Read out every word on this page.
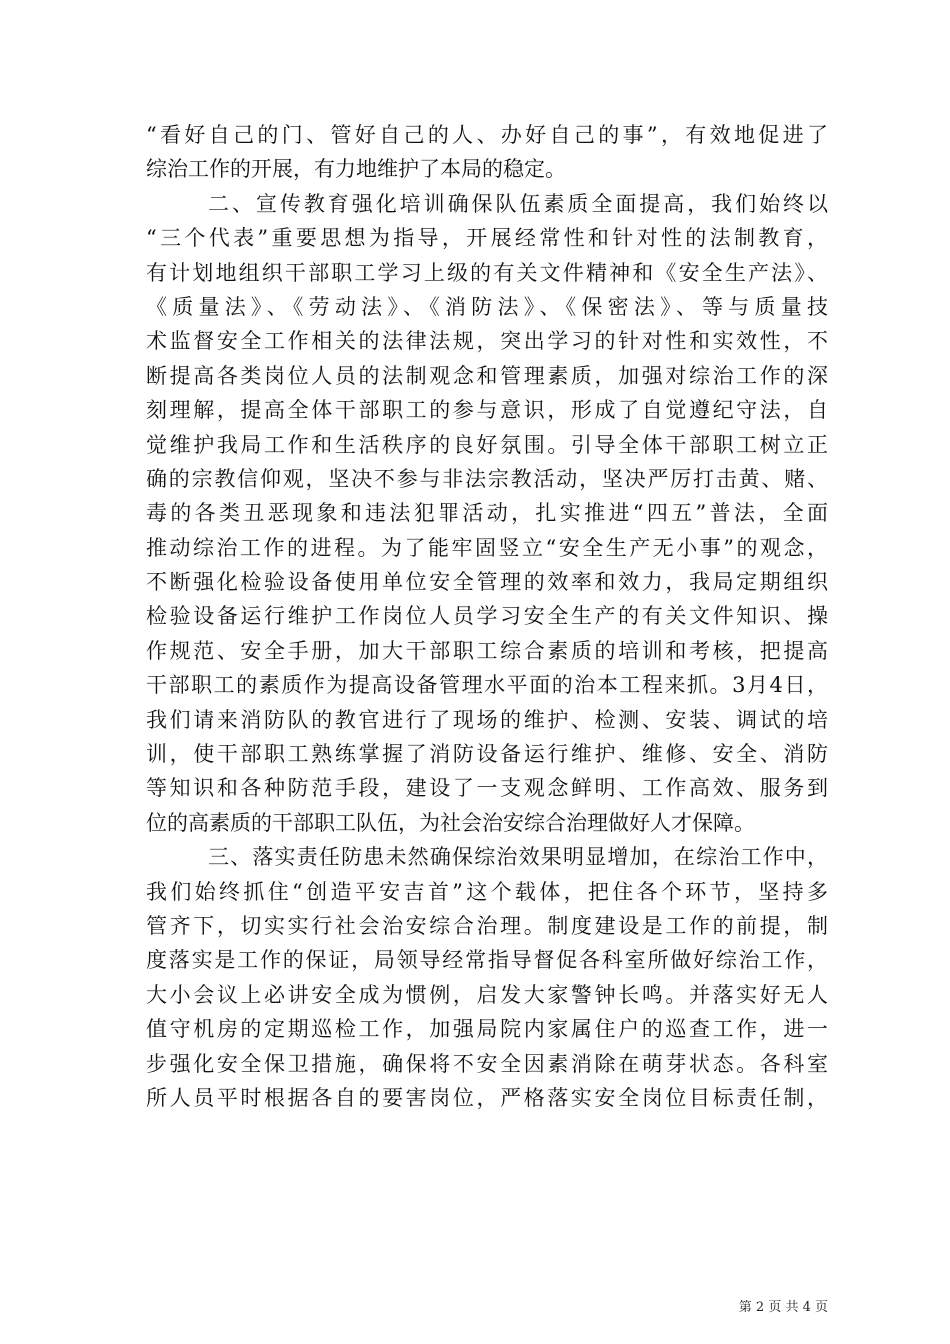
“看好自己的门、管好自己的人、办好自己的事”，有效地促进了
综治工作的开展，有力地维护了本局的稳定。
二、宣传教育强化培训确保队伍素质全面提高，我们始终以
“三个代表”重要思想为指导，开展经常性和针对性的法制教育，
有计划地组织干部职工学习上级的有关文件精神和《安全生产法》、
《质量法》、《劳动法》、《消防法》、《保密法》、等与质量技
术监督安全工作相关的法律法规，突出学习的针对性和实效性，不
断提高各类岗位人员的法制观念和管理素质，加强对综治工作的深
刻理解，提高全体干部职工的参与意识，形成了自觉遵纪守法，自
觉维护我局工作和生活秩序的良好氛围。引导全体干部职工树立正
确的宗教信仰观，坚决不参与非法宗教活动，坚决严厉打击黄、赌、
毒的各类丑恶现象和违法犯罪活动，扎实推进“四五”普法，全面
推动综治工作的进程。为了能牢固竖立“安全生产无小事”的观念，
不断强化检验设备使用单位安全管理的效率和效力，我局定期组织
检验设备运行维护工作岗位人员学习安全生产的有关文件知识、操
作规范、安全手册，加大干部职工综合素质的培训和考核，把提高
干部职工的素质作为提高设备管理水平面的治本工程来抓。3月4日，
我们请来消防队的教官进行了现场的维护、检测、安装、调试的培
训，使干部职工熟练掌握了消防设备运行维护、维修、安全、消防
等知识和各种防范手段，建设了一支观念鲜明、工作高效、服务到
位的高素质的干部职工队伍，为社会治安综合治理做好人才保障。
三、落实责任防患未然确保综治效果明显增加，在综治工作中，
我们始终抓住“创造平安吉首”这个载体，把住各个环节，坚持多
管齐下，切实实行社会治安综合治理。制度建设是工作的前提，制
度落实是工作的保证，局领导经常指导督促各科室所做好综治工作，
大小会议上必讲安全成为惯例，启发大家警钟长鸣。并落实好无人
值守机房的定期巡检工作，加强局院内家属住户的巡查工作，进一
步强化安全保卫措施，确保将不安全因素消除在萌芽状态。各科室
所人员平时根据各自的要害岗位，严格落实安全岗位目标责任制，
第 2 页 共 4 页
